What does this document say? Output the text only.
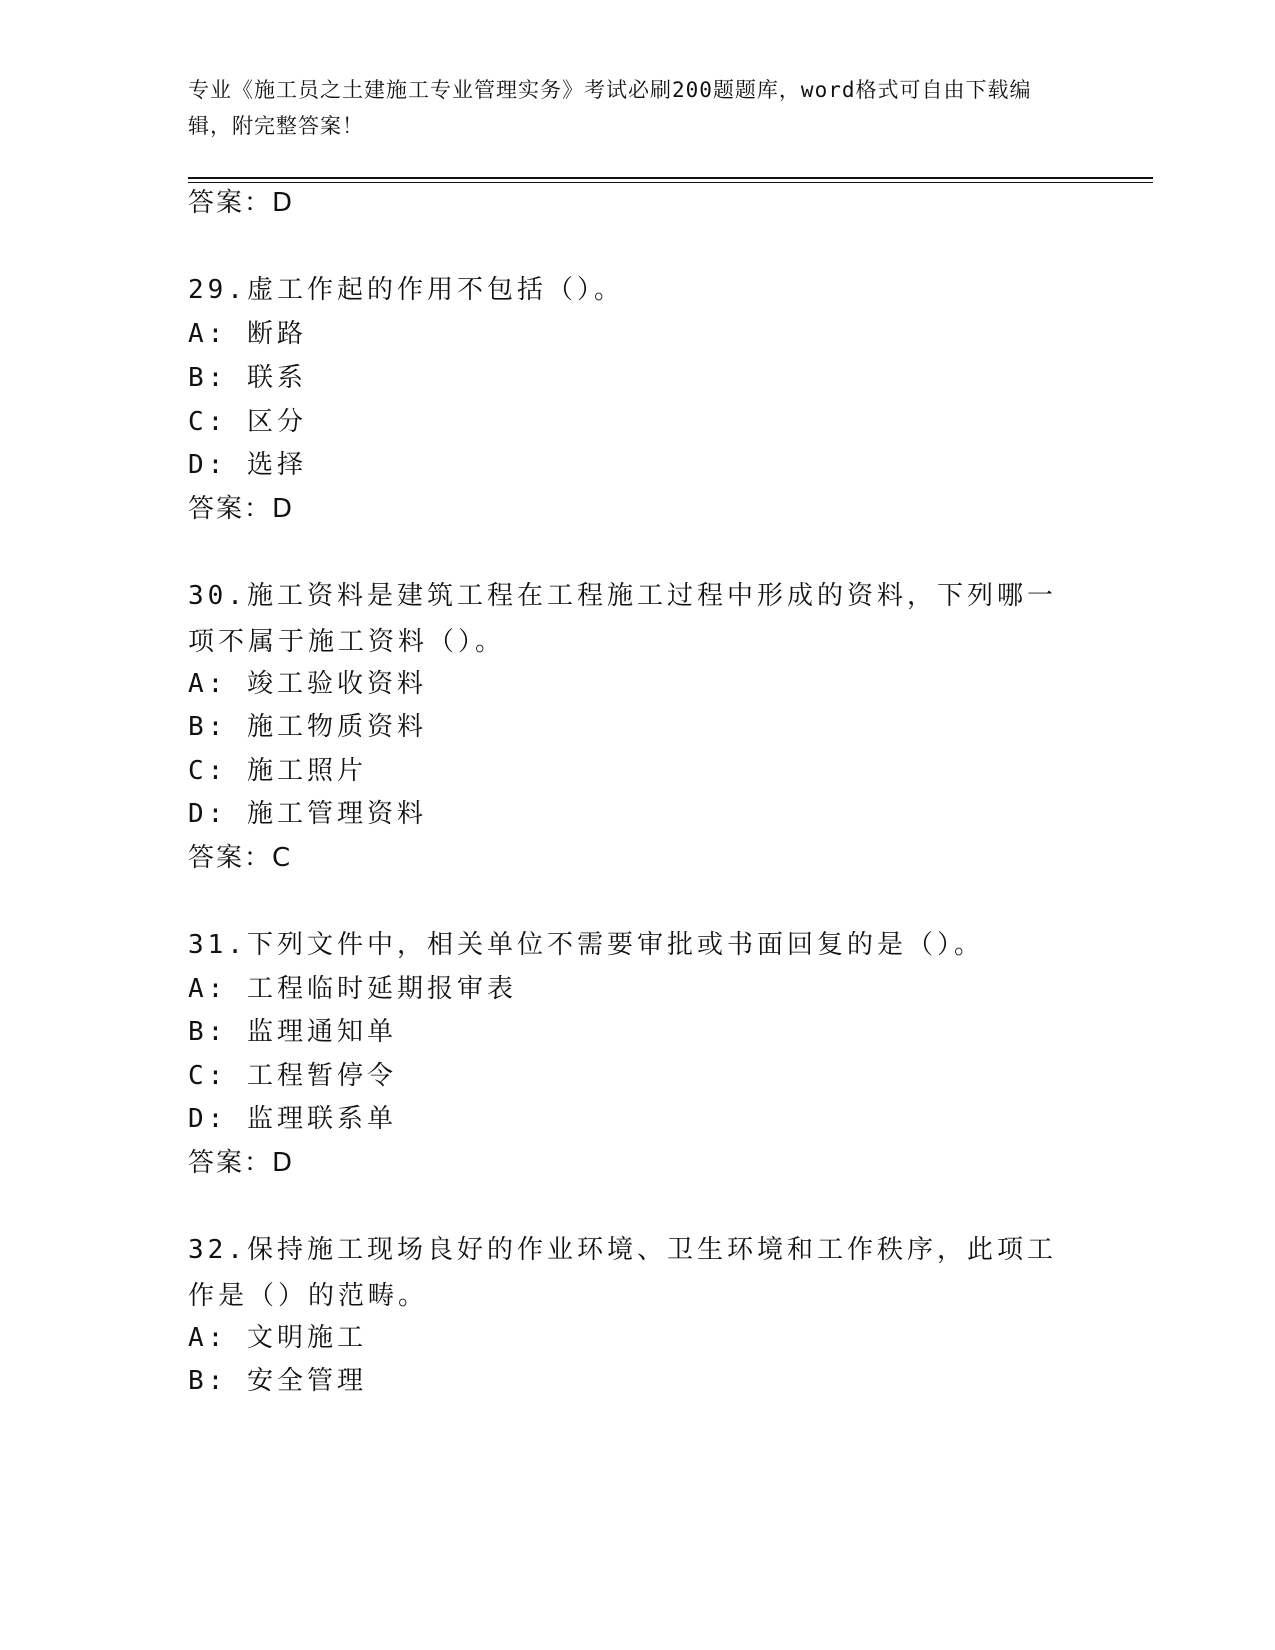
专业《施工员之土建施工专业管理实务》考试必刷200题题库，word格式可自由下载编辑，附完整答案！
答案：D
29.虚工作起的作用不包括（）。
A: 断路
B: 联系
C: 区分
D: 选择
答案：D
30.施工资料是建筑工程在工程施工过程中形成的资料，下列哪一项不属于施工资料（）。
A: 竣工验收资料
B: 施工物质资料
C: 施工照片
D: 施工管理资料
答案：C
31.下列文件中，相关单位不需要审批或书面回复的是（）。
A: 工程临时延期报审表
B: 监理通知单
C: 工程暂停令
D: 监理联系单
答案：D
32.保持施工现场良好的作业环境、卫生环境和工作秩序，此项工作是（）的范畴。
A: 文明施工
B: 安全管理
